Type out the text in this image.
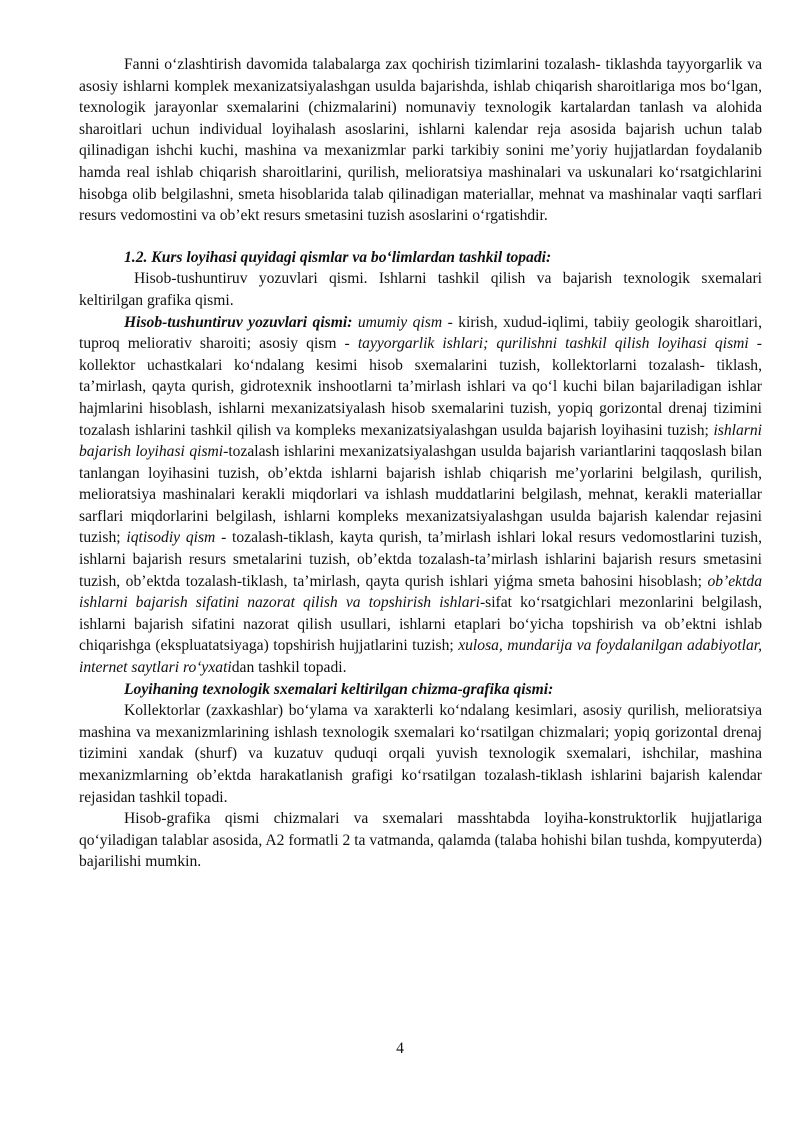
Fanni o‘zlashtirish davomida talabalarga zax qochirish tizimlarini tozalash- tiklashda tayyorgarlik va asosiy ishlarni komplek mexanizatsiyalashgan usulda bajarishda, ishlab chiqarish sharoitlariga mos bo‘lgan, texnologik jarayonlar sxemalarini (chizmalarini) nomunaviy texnologik kartalardan tanlash va alohida sharoitlari uchun individual loyihalash asoslarini, ishlarni kalendar reja asosida bajarish uchun talab qilinadigan ishchi kuchi, mashina va mexanizmlar parki tarkibiy sonini me’yoriy hujjatlardan foydalanib hamda real ishlab chiqarish sharoitlarini, qurilish, melioratsiya mashinalari va uskunalari ko‘rsatgichlarini hisobga olib belgilashni, smeta hisoblarida talab qilinadigan materiallar, mehnat va mashinalar vaqti sarflari resurs vedomostini va ob’ekt resurs smetasini tuzish asoslarini o‘rgatishdir.

1.2. Kurs loyihasi quyidagi qismlar va bo‘limlardan tashkil topadi:

Hisob-tushuntiruv yozuvlari qismi. Ishlarni tashkil qilish va bajarish texnologik sxemalari keltirilgan grafika qismi.

Hisob-tushuntiruv yozuvlari qismi: umumiy qism - kirish, xudud-iqlimi, tabiiy geologik sharoitlari, tuproq meliorativ sharoiti; asosiy qism - tayyorgarlik ishlari; qurilishni tashkil qilish loyihasi qismi - kollektor uchastkalari ko‘ndalang kesimi hisob sxemalarini tuzish, kollektorlarni tozalash- tiklash, ta’mirlash, qayta qurish, gidrotexnik inshootlarni ta’mirlash ishlari va qo‘l kuchi bilan bajariladigan ishlar hajmlarini hisoblash, ishlarni mexanizatsiyalash hisob sxemalarini tuzish, yopiq gorizontal drenaj tizimini tozalash ishlarini tashkil qilish va kompleks mexanizatsiyalashgan usulda bajarish loyihasini tuzish; ishlarni bajarish loyihasi qismi-tozalash ishlarini mexanizatsiyalashgan usulda bajarish variantlarini taqqoslash bilan tanlangan loyihasini tuzish, ob’ektda ishlarni bajarish ishlab chiqarish me’yorlarini belgilash, qurilish, melioratsiya mashinalari kerakli miqdorlari va ishlash muddatlarini belgilash, mehnat, kerakli materiallar sarflari miqdorlarini belgilash, ishlarni kompleks mexanizatsiyalashgan usulda bajarish kalendar rejasini tuzish; iqtisodiy qism - tozalash-tiklash, kayta qurish, ta’mirlash ishlari lokal resurs vedomostlarini tuzish, ishlarni bajarish resurs smetalarini tuzish, ob’ektda tozalash-ta’mirlash ishlarini bajarish resurs smetasini tuzish, ob’ektda tozalash-tiklash, ta’mirlash, qayta qurish ishlari yiǵma smeta bahosini hisoblash; ob’ektda ishlarni bajarish sifatini nazorat qilish va topshirish ishlari-sifat ko‘rsatgichlari mezonlarini belgilash, ishlarni bajarish sifatini nazorat qilish usullari, ishlarni etaplari bo‘yicha topshirish va ob’ektni ishlab chiqarishga (ekspluatatsiyaga) topshirish hujjatlarini tuzish; xulosa, mundarija va foydalanilgan adabiyotlar, internet saytlari ro‘yxatidan tashkil topadi.

Loyihaning texnologik sxemalari keltirilgan chizma-grafika qismi:

Kollektorlar (zaxkashlar) bo‘ylama va xarakterli ko‘ndalang kesimlari, asosiy qurilish, melioratsiya mashina va mexanizmlarining ishlash texnologik sxemalari ko‘rsatilgan chizmalari; yopiq gorizontal drenaj tizimini xandak (shurf) va kuzatuv quduqi orqali yuvish texnologik sxemalari, ishchilar, mashina mexanizmlarning ob’ektda harakatlanish grafigi ko‘rsatilgan tozalash-tiklash ishlarini bajarish kalendar rejasidan tashkil topadi.

Hisob-grafika qismi chizmalari va sxemalari masshtabda loyiha-konstruktorlik hujjatlariga qo‘yiladigan talablar asosida, A2 formatli 2 ta vatmanda, qalamda (talaba hohishi bilan tushda, kompyuterda) bajarilishi mumkin.

4
